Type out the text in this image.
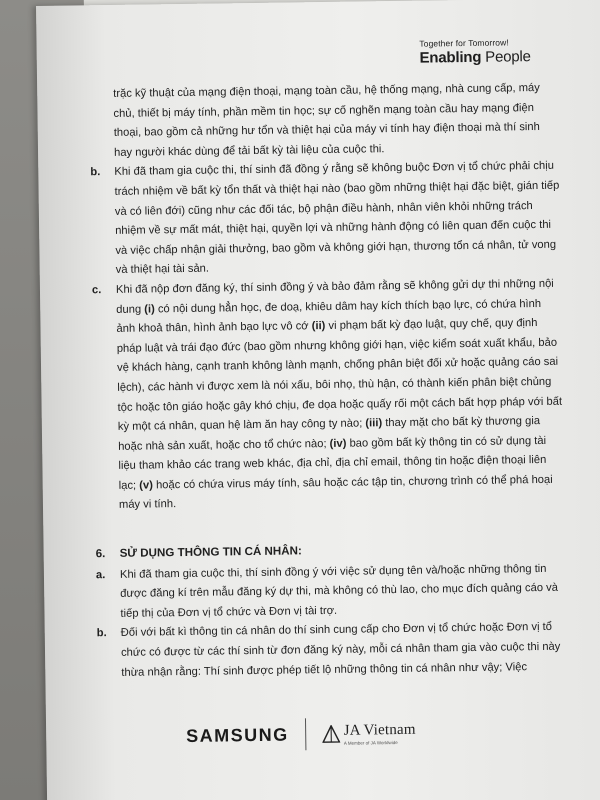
Together for Tomorrow!
Enabling People
trặc kỹ thuật của mạng điện thoại, mạng toàn cầu, hệ thống mạng, nhà cung cấp, máy chủ, thiết bị máy tính, phần mềm tin học; sự cố nghẽn mạng toàn cầu hay mạng điện thoại, bao gồm cả những hư tổn và thiệt hại của máy vi tính hay điện thoại mà thí sinh hay người khác dùng để tải bất kỳ tài liệu của cuộc thi.
b. Khi đã tham gia cuộc thi, thí sinh đã đồng ý rằng sẽ không buộc Đơn vị tổ chức phải chịu trách nhiệm về bất kỳ tổn thất và thiệt hại nào (bao gồm những thiệt hại đặc biệt, gián tiếp và có liên đới) cũng như các đối tác, bộ phận điều hành, nhân viên khỏi những trách nhiệm về sự mất mát, thiệt hại, quyền lợi và những hành động có liên quan đến cuộc thi và việc chấp nhận giải thưởng, bao gồm và không giới hạn, thương tổn cá nhân, tử vong và thiệt hại tài sản.
c. Khi đã nộp đơn đăng ký, thí sinh đồng ý và bảo đảm rằng sẽ không gửi dự thi những nội dung (i) có nội dung hẳn học, đe doạ, khiêu dâm hay kích thích bạo lực, có chứa hình ảnh khoả thân, hình ảnh bạo lực vô cớ (ii) vi phạm bất kỳ đạo luật, quy chế, quy định pháp luật và trái đạo đức (bao gồm nhưng không giới hạn, việc kiểm soát xuất khẩu, bảo vệ khách hàng, cạnh tranh không lành mạnh, chống phân biệt đối xử hoặc quảng cáo sai lệch), các hành vi được xem là nói xấu, bôi nhọ, thù hận, có thành kiến phân biệt chủng tộc hoặc tôn giáo hoặc gây khó chịu, đe dọa hoặc quấy rối một cách bất hợp pháp với bất kỳ một cá nhân, quan hệ làm ăn hay công ty nào; (iii) thay mặt cho bất kỳ thương gia hoặc nhà sản xuất, hoặc cho tổ chức nào; (iv) bao gồm bất kỳ thông tin có sử dụng tài liệu tham khảo các trang web khác, địa chỉ, địa chỉ email, thông tin hoặc điện thoại liên lạc; (v) hoặc có chứa virus máy tính, sâu hoặc các tập tin, chương trình có thể phá hoại máy vi tính.
6. SỬ DỤNG THÔNG TIN CÁ NHÂN:
a. Khi đã tham gia cuộc thi, thí sinh đồng ý với việc sử dụng tên và/hoặc những thông tin được đăng kí trên mẫu đăng ký dự thi, mà không có thù lao, cho mục đích quảng cáo và tiếp thị của Đơn vị tổ chức và Đơn vị tài trợ.
b. Đối với bất kì thông tin cá nhân do thí sinh cung cấp cho Đơn vị tổ chức hoặc Đơn vị tổ chức có được từ các thí sinh từ đơn đăng ký này, mỗi cá nhân tham gia vào cuộc thi này thừa nhận rằng: Thí sinh được phép tiết lộ những thông tin cá nhân như vậy; Việc
SAMSUNG	JA Vietnam
A Member of JA Worldwide
